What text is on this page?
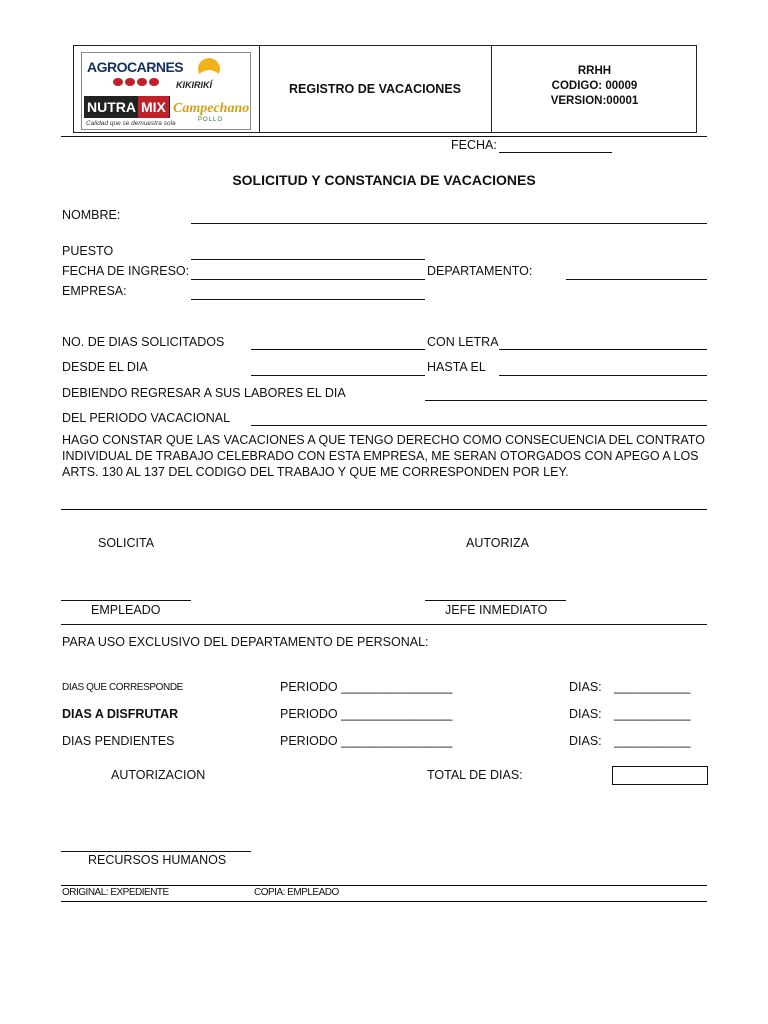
AGROCARNES
KIKIRIKÍ
NUTRA MIX
Calidad que se demuestra sola
Campechano
POLLO
REGISTRO DE VACACIONES
RRHH
CODIGO: 00009
VERSION:00001
FECHA:
SOLICITUD Y CONSTANCIA DE VACACIONES
NOMBRE:
PUESTO
FECHA DE INGRESO:	DEPARTAMENTO:
EMPRESA:
NO. DE DIAS SOLICITADOS	CON LETRA
DESDE EL DIA	HASTA EL
DEBIENDO REGRESAR A SUS LABORES EL DIA
DEL PERIODO VACACIONAL
HAGO CONSTAR QUE LAS VACACIONES A QUE TENGO DERECHO COMO CONSECUENCIA DEL CONTRATO
INDIVIDUAL DE TRABAJO CELEBRADO CON ESTA EMPRESA, ME SERAN OTORGADOS CON APEGO A LOS
ARTS. 130 AL 137 DEL CODIGO DEL TRABAJO Y QUE ME CORRESPONDEN POR LEY.
SOLICITA	AUTORIZA
EMPLEADO	JEFE INMEDIATO
PARA USO EXCLUSIVO DEL DEPARTAMENTO DE PERSONAL:
DIAS QUE CORRESPONDE	PERIODO ________________	DIAS: ___________
DIAS A DISFRUTAR	PERIODO ________________	DIAS: ___________
DIAS PENDIENTES	PERIODO ________________	DIAS: ___________
AUTORIZACION	TOTAL DE DIAS:
RECURSOS HUMANOS
ORIGINAL: EXPEDIENTE	COPIA: EMPLEADO
